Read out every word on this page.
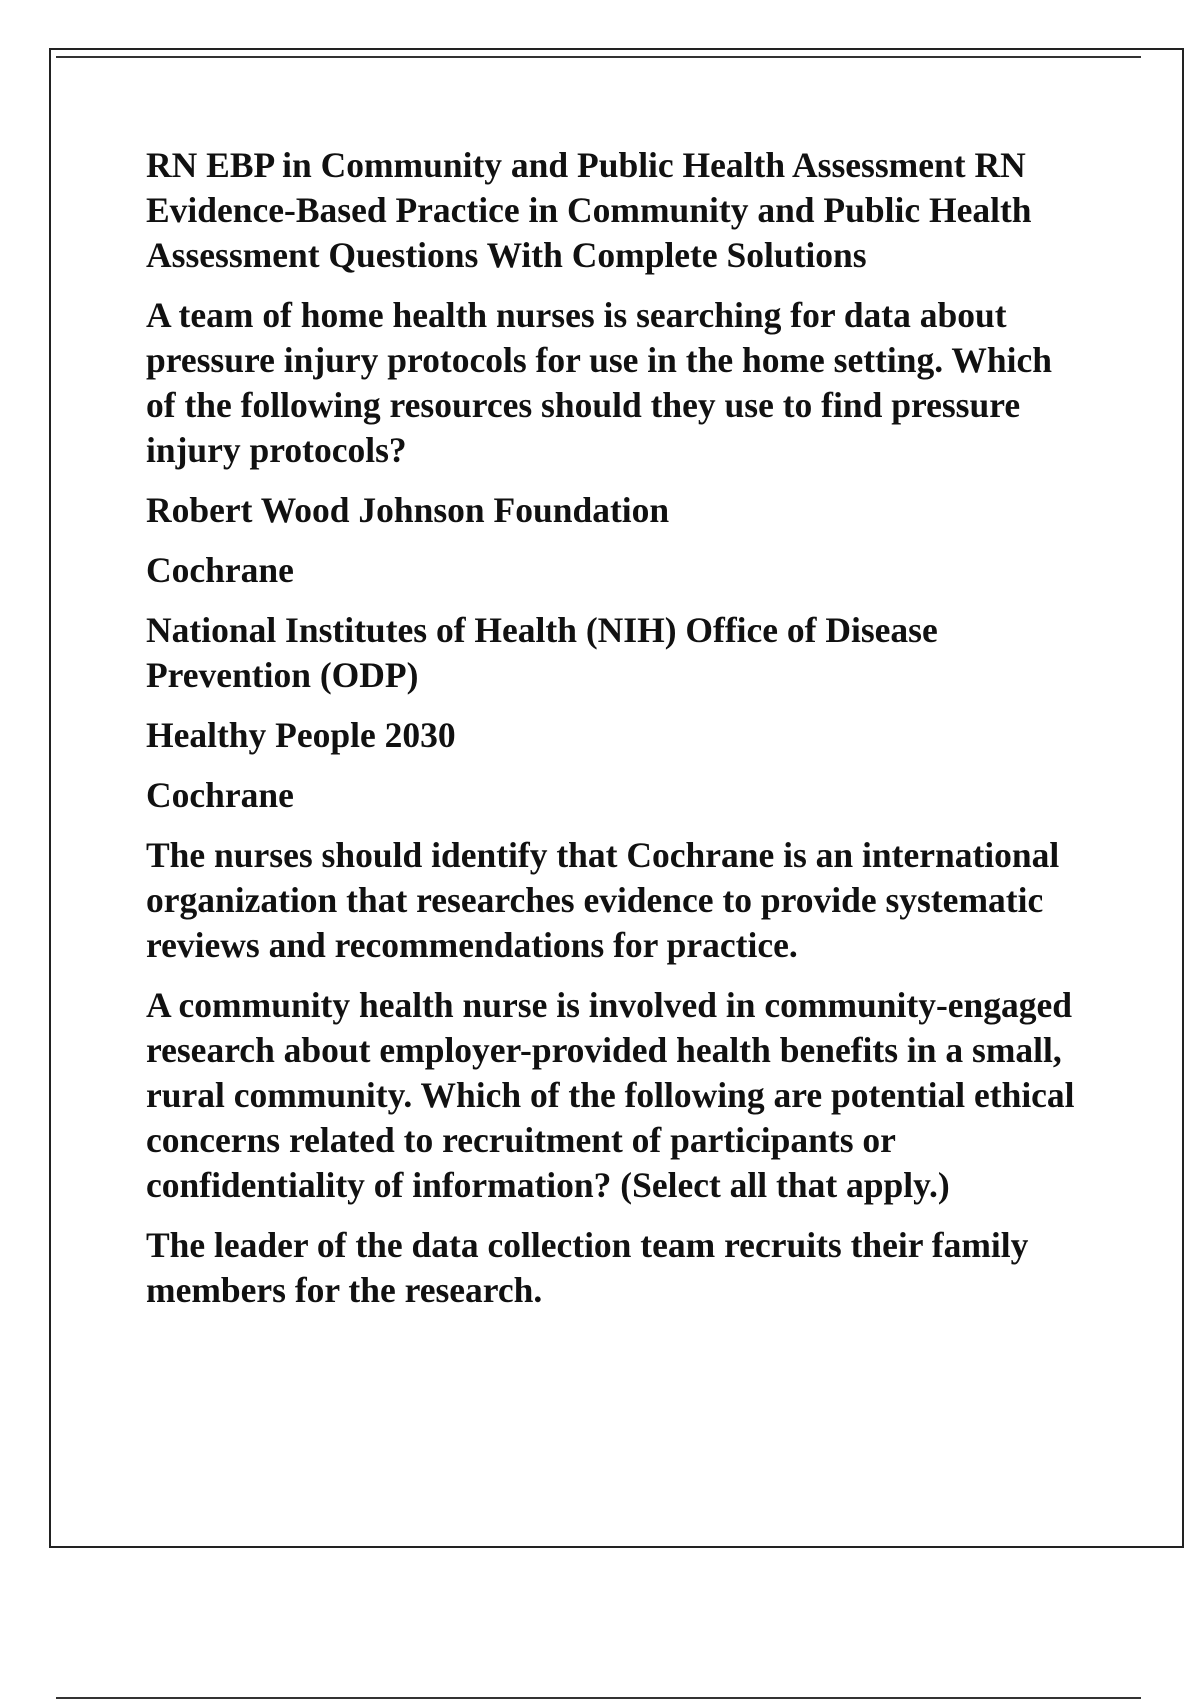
RN EBP in Community and Public Health Assessment RN Evidence-Based Practice in Community and Public Health Assessment Questions With Complete Solutions

A team of home health nurses is searching for data about pressure injury protocols for use in the home setting. Which of the following resources should they use to find pressure injury protocols?

Robert Wood Johnson Foundation

Cochrane

National Institutes of Health (NIH) Office of Disease Prevention (ODP)

Healthy People 2030

Cochrane

The nurses should identify that Cochrane is an international organization that researches evidence to provide systematic reviews and recommendations for practice.

A community health nurse is involved in community-engaged research about employer-provided health benefits in a small, rural community. Which of the following are potential ethical concerns related to recruitment of participants or confidentiality of information? (Select all that apply.)

The leader of the data collection team recruits their family members for the research.
